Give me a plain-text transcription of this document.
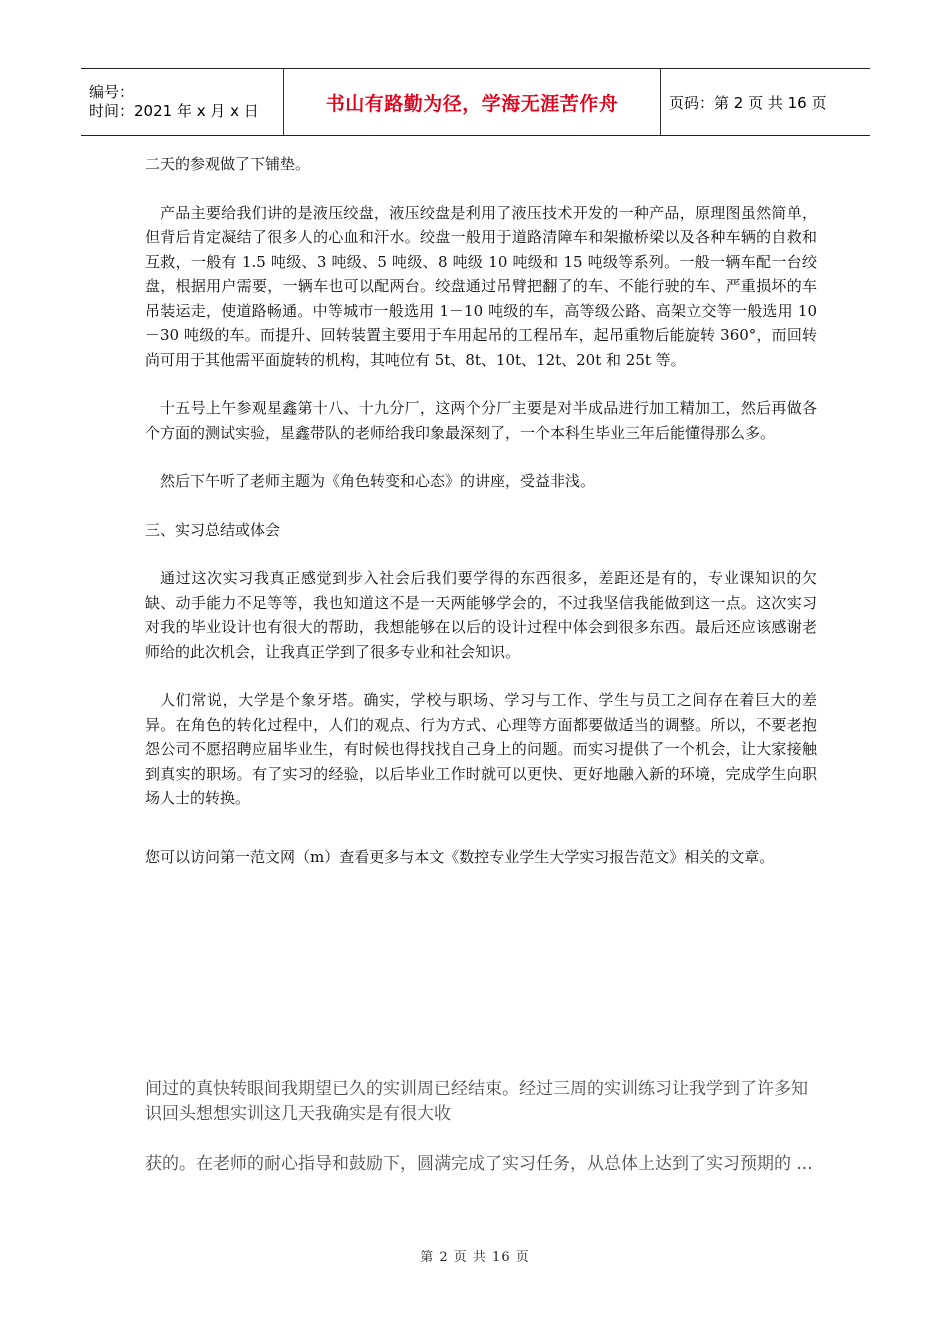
编号：
时间：2021 年 x 月 x 日	书山有路勤为径，学海无涯苦作舟	页码：第 2 页 共 16 页

二天的参观做了下铺垫。

产品主要给我们讲的是液压绞盘，液压绞盘是利用了液压技术开发的一种产品，原理图虽然简单，但背后肯定凝结了很多人的心血和汗水。绞盘一般用于道路清障车和架撤桥梁以及各种车辆的自救和互救，一般有 1.5 吨级、3 吨级、5 吨级、8 吨级 10 吨级和 15 吨级等系列。一般一辆车配一台绞盘，根据用户需要，一辆车也可以配两台。绞盘通过吊臂把翻了的车、不能行驶的车、严重损坏的车吊装运走，使道路畅通。中等城市一般选用 1－10 吨级的车，高等级公路、高架立交等一般选用 10－30 吨级的车。而提升、回转装置主要用于车用起吊的工程吊车，起吊重物后能旋转 360°，而回转尚可用于其他需平面旋转的机构，其吨位有 5t、8t、10t、12t、20t 和 25t 等。

十五号上午参观星鑫第十八、十九分厂，这两个分厂主要是对半成品进行加工精加工，然后再做各个方面的测试实验，星鑫带队的老师给我印象最深刻了，一个本科生毕业三年后能懂得那么多。

然后下午听了老师主题为《角色转变和心态》的讲座，受益非浅。

三、实习总结或体会

通过这次实习我真正感觉到步入社会后我们要学得的东西很多，差距还是有的，专业课知识的欠缺、动手能力不足等等，我也知道这不是一天两能够学会的，不过我坚信我能做到这一点。这次实习对我的毕业设计也有很大的帮助，我想能够在以后的设计过程中体会到很多东西。最后还应该感谢老师给的此次机会，让我真正学到了很多专业和社会知识。

人们常说，大学是个象牙塔。确实，学校与职场、学习与工作、学生与员工之间存在着巨大的差异。在角色的转化过程中，人们的观点、行为方式、心理等方面都要做适当的调整。所以，不要老抱怨公司不愿招聘应届毕业生，有时候也得找找自己身上的问题。而实习提供了一个机会，让大家接触到真实的职场。有了实习的经验，以后毕业工作时就可以更快、更好地融入新的环境，完成学生向职场人士的转换。

您可以访问第一范文网（m）查看更多与本文《数控专业学生大学实习报告范文》相关的文章。

间过的真快转眼间我期望已久的实训周已经结束。经过三周的实训练习让我学到了许多知识回头想想实训这几天我确实是有很大收
获的。在老师的耐心指导和鼓励下，圆满完成了实习任务，从总体上达到了实习预期的 ...
第 2 页 共 16 页
